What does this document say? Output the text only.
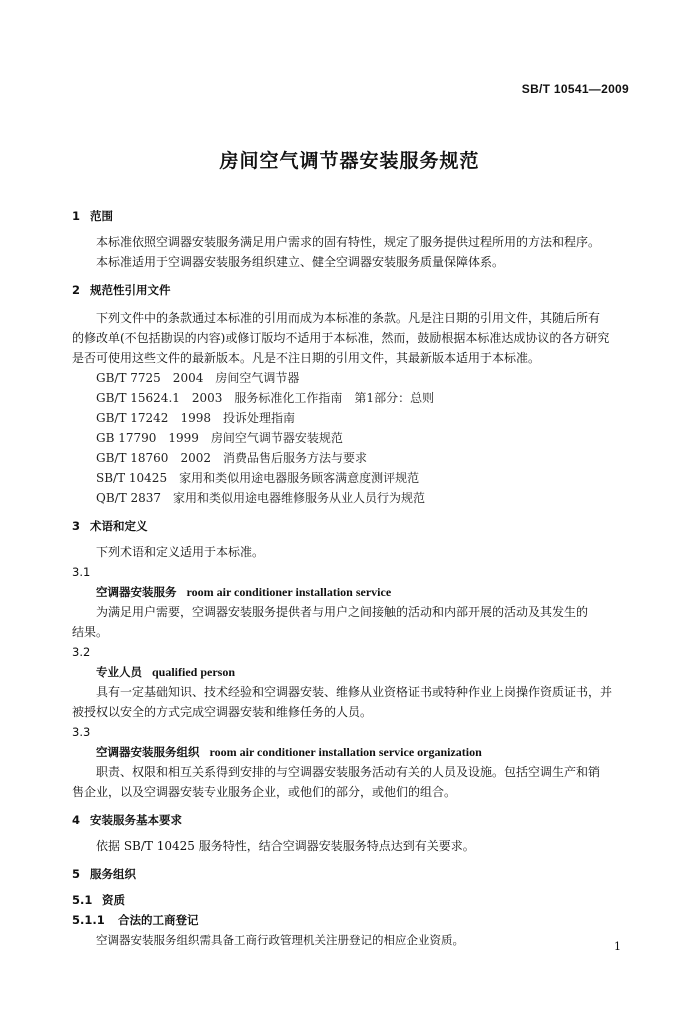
SB/T 10541—2009
房间空气调节器安装服务规范
1 范围
本标准依照空调器安装服务满足用户需求的固有特性，规定了服务提供过程所用的方法和程序。
本标准适用于空调器安装服务组织建立、健全空调器安装服务质量保障体系。
2 规范性引用文件
下列文件中的条款通过本标准的引用而成为本标准的条款。凡是注日期的引用文件，其随后所有
的修改单(不包括勘误的内容)或修订版均不适用于本标准，然而，鼓励根据本标准达成协议的各方研究
是否可使用这些文件的最新版本。凡是不注日期的引用文件，其最新版本适用于本标准。
GB/T 7725　2004　房间空气调节器
GB/T 15624.1　2003　服务标准化工作指南　第1部分：总则
GB/T 17242　1998　投诉处理指南
GB 17790　1999　房间空气调节器安装规范
GB/T 18760　2002　消费品售后服务方法与要求
SB/T 10425　家用和类似用途电器服务顾客满意度测评规范
QB/T 2837　家用和类似用途电器维修服务从业人员行为规范
3 术语和定义
下列术语和定义适用于本标准。
3.1
空调器安装服务 room air conditioner installation service
为满足用户需要，空调器安装服务提供者与用户之间接触的活动和内部开展的活动及其发生的
结果。
3.2
专业人员 qualified person
具有一定基础知识、技术经验和空调器安装、维修从业资格证书或特种作业上岗操作资质证书，并
被授权以安全的方式完成空调器安装和维修任务的人员。
3.3
空调器安装服务组织 room air conditioner installation service organization
职责、权限和相互关系得到安排的与空调器安装服务活动有关的人员及设施。包括空调生产和销
售企业，以及空调器安装专业服务企业，或他们的部分，或他们的组合。
4 安装服务基本要求
依据 SB/T 10425 服务特性，结合空调器安装服务特点达到有关要求。
5 服务组织
5.1 资质
5.1.1 合法的工商登记
空调器安装服务组织需具备工商行政管理机关注册登记的相应企业资质。	1
